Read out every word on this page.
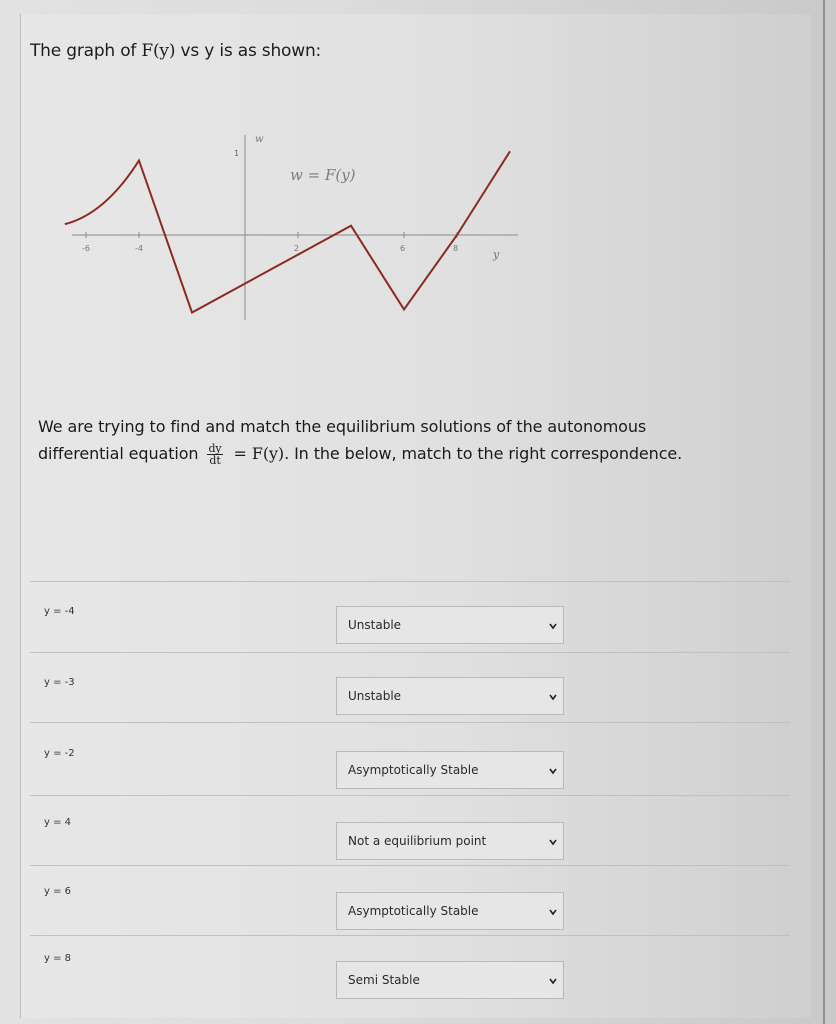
The graph of F(y) vs y is as shown:
w
1
w = F(y)
y
-6	-4	2	6	8
We are trying to find and match the equilibrium solutions of the autonomous
differential equation $\frac{dy}{dt} = F(y)$. In the below, match to the right correspondence.
y = -4
Unstable
y = -3
Unstable
y = -2
Asymptotically Stable
y = 4
Not a equilibrium point
y = 6
Asymptotically Stable
y = 8
Semi Stable
